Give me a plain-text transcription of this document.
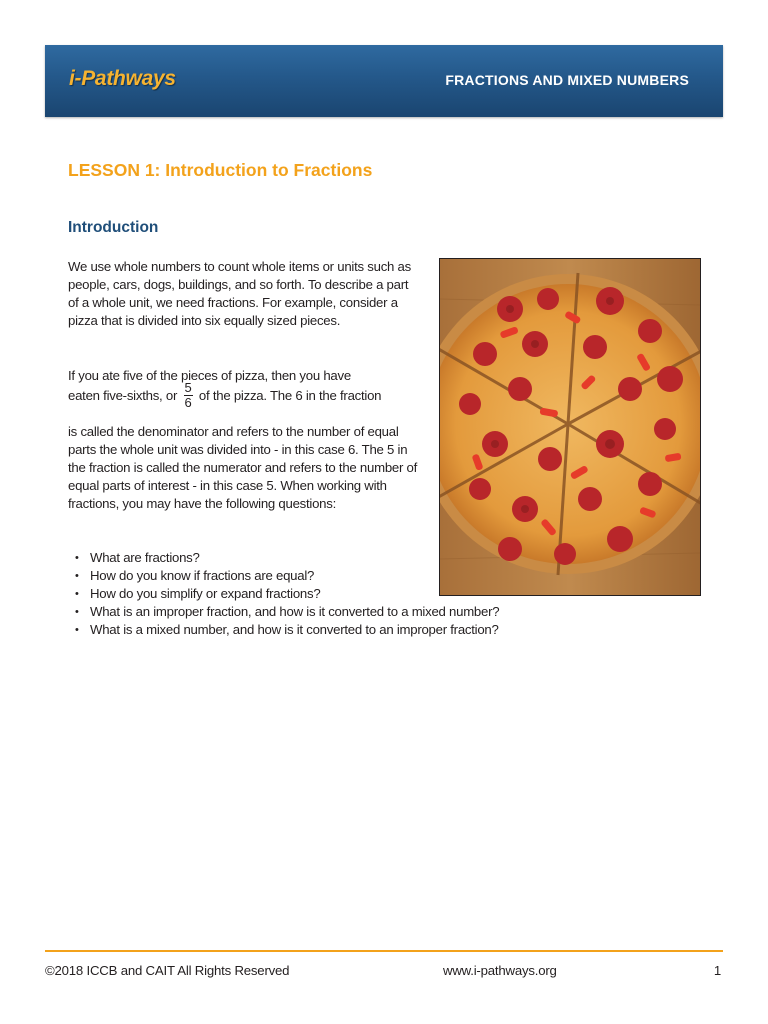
i-Pathways	FRACTIONS AND MIXED NUMBERS
LESSON 1: Introduction to Fractions
Introduction

We use whole numbers to count whole items or units such as people, cars, dogs, buildings, and so forth. To describe a part of a whole unit, we need fractions. For example, consider a pizza that is divided into six equally sized pieces.

If you ate five of the pieces of pizza, then you have

eaten five-sixths, or $\frac{5}{6}$ of the pizza. The 6 in the fraction

is called the denominator and refers to the number of equal parts the whole unit was divided into - in this case 6. The 5 in the fraction is called the numerator and refers to the number of equal parts of interest - in this case 5. When working with fractions, you may have the following questions:

• What are fractions?
• How do you know if fractions are equal?
• How do you simplify or expand fractions?
• What is an improper fraction, and how is it converted to a mixed number?
• What is a mixed number, and how is it converted to an improper fraction?
©2018 ICCB and CAIT All Rights Reserved	www.i-pathways.org	1
